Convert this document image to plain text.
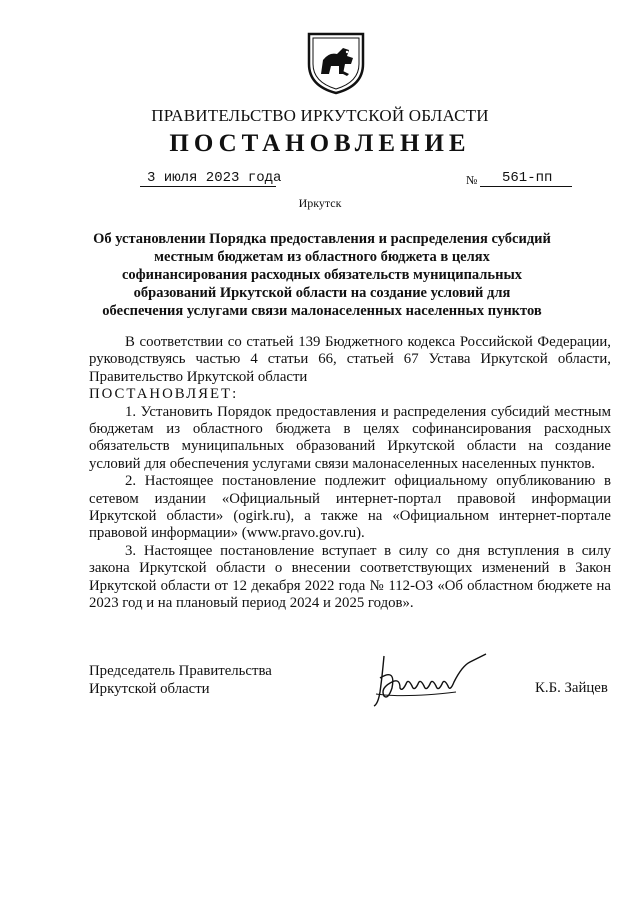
ПРАВИТЕЛЬСТВО ИРКУТСКОЙ ОБЛАСТИ
ПОСТАНОВЛЕНИЕ
3 июля 2023 года	№ 561-пп
Иркутск
Об установлении Порядка предоставления и распределения субсидий местным бюджетам из областного бюджета в целях софинансирования расходных обязательств муниципальных образований Иркутской области на создание условий для обеспечения услугами связи малонаселенных населенных пунктов

В соответствии со статьей 139 Бюджетного кодекса Российской Федерации, руководствуясь частью 4 статьи 66, статьей 67 Устава Иркутской области, Правительство Иркутской области

ПОСТАНОВЛЯЕТ:

1. Установить Порядок предоставления и распределения субсидий местным бюджетам из областного бюджета в целях софинансирования расходных обязательств муниципальных образований Иркутской области на создание условий для обеспечения услугами связи малонаселенных населенных пунктов.

2. Настоящее постановление подлежит официальному опубликованию в сетевом издании «Официальный интернет-портал правовой информации Иркутской области» (ogirk.ru), а также на «Официальном интернет-портале правовой информации» (www.pravo.gov.ru).

3. Настоящее постановление вступает в силу со дня вступления в силу закона Иркутской области о внесении соответствующих изменений в Закон Иркутской области от 12 декабря 2022 года № 112-ОЗ «Об областном бюджете на 2023 год и на плановый период 2024 и 2025 годов».

Председатель Правительства
Иркутской области	К.Б. Зайцев
